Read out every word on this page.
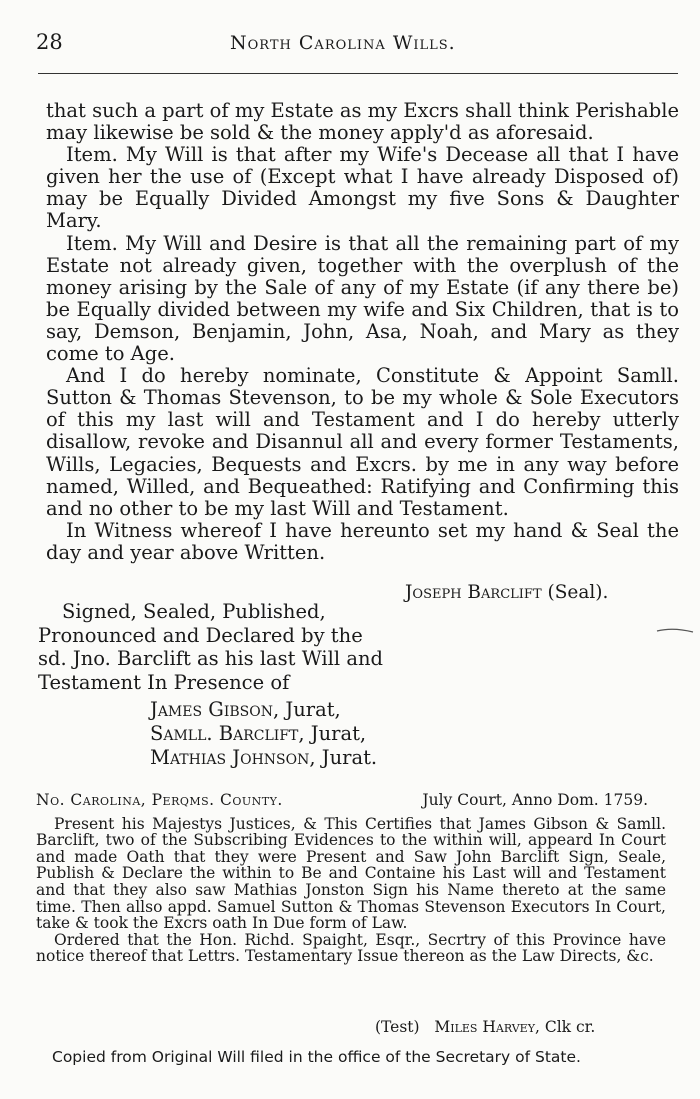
28	North Carolina Wills.

that such a part of my Estate as my Excrs shall think Perishable may likewise be sold & the money apply'd as aforesaid.

Item. My Will is that after my Wife's Decease all that I have given her the use of (Except what I have already Disposed of) may be Equally Divided Amongst my five Sons & Daughter Mary.

Item. My Will and Desire is that all the remaining part of my Estate not already given, together with the overplush of the money arising by the Sale of any of my Estate (if any there be) be Equally divided between my wife and Six Children, that is to say, Demson, Benjamin, John, Asa, Noah, and Mary as they come to Age.

And I do hereby nominate, Constitute & Appoint Samll. Sutton & Thomas Stevenson, to be my whole & Sole Executors of this my last will and Testament and I do hereby utterly disallow, revoke and Disannul all and every former Testaments, Wills, Legacies, Bequests and Excrs. by me in any way before named, Willed, and Bequeathed: Ratifying and Confirming this and no other to be my last Will and Testament.

In Witness whereof I have hereunto set my hand & Seal the day and year above Written.

Joseph Barclift (Seal).

Signed, Sealed, Published, Pronounced and Declared by the sd. Jno. Barclift as his last Will and Testament In Presence of

James Gibson, Jurat,
Samll. Barclift, Jurat,
Mathias Johnson, Jurat.
No. Carolina, Perqms. County.	July Court, Anno Dom. 1759.

Present his Majestys Justices, & This Certifies that James Gibson & Samll. Barclift, two of the Subscribing Evidences to the within will, appeard In Court and made Oath that they were Present and Saw John Barclift Sign, Seale, Publish & Declare the within to Be and Containe his Last will and Testament and that they also saw Mathias Jonston Sign his Name thereto at the same time. Then allso appd. Samuel Sutton & Thomas Stevenson Executors In Court, take & took the Excrs oath In Due form of Law.

Ordered that the Hon. Richd. Spaight, Esqr., Secrtry of this Province have notice thereof that Lettrs. Testamentary Issue thereon as the Law Directs, &c.

(Test) Miles Harvey, Clk cr.
Copied from Original Will filed in the office of the Secretary of State.
